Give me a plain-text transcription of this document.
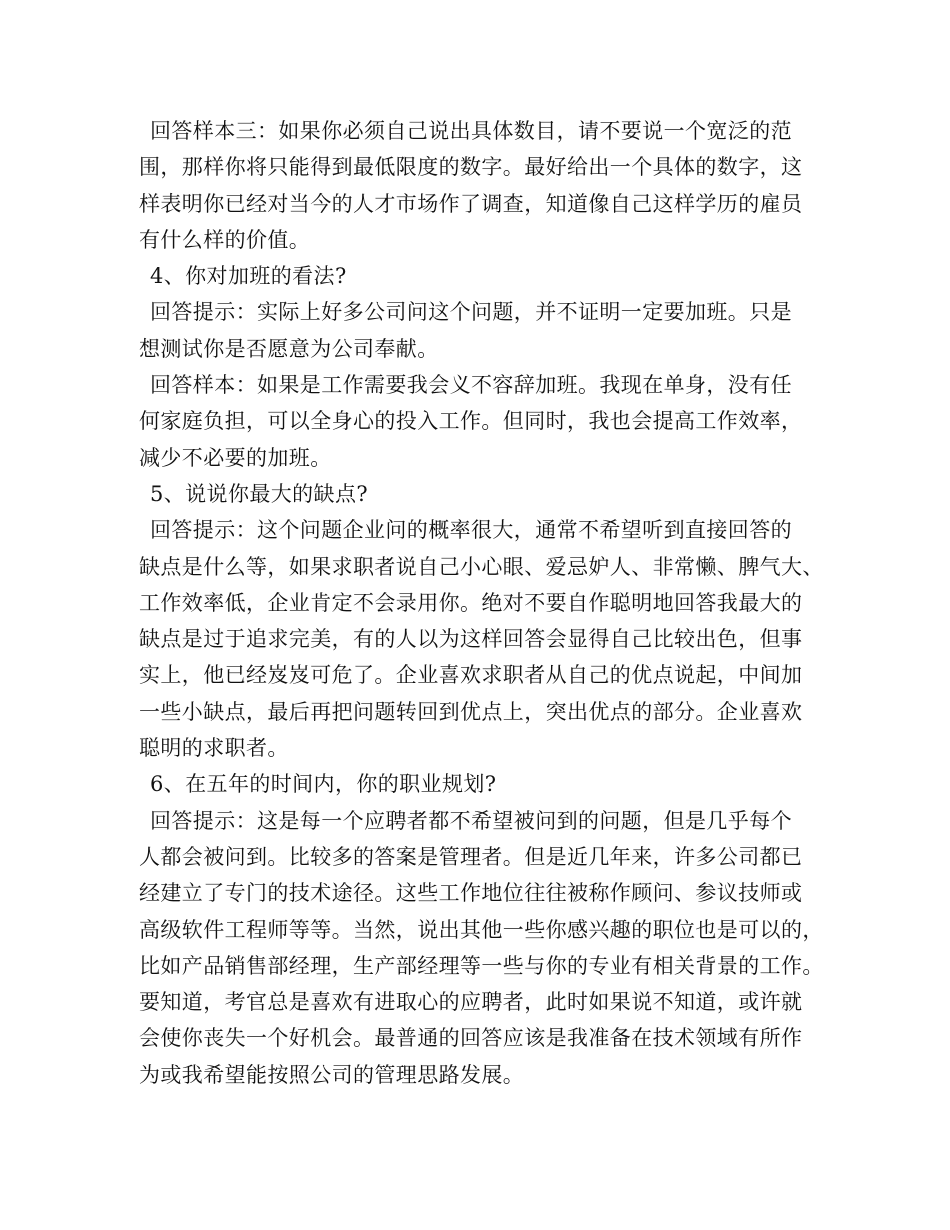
回答样本三：如果你必须自己说出具体数目，请不要说一个宽泛的范
围，那样你将只能得到最低限度的数字。最好给出一个具体的数字，这
样表明你已经对当今的人才市场作了调查，知道像自己这样学历的雇员
有什么样的价值。
4、你对加班的看法?
回答提示：实际上好多公司问这个问题，并不证明一定要加班。只是
想测试你是否愿意为公司奉献。
回答样本：如果是工作需要我会义不容辞加班。我现在单身，没有任
何家庭负担，可以全身心的投入工作。但同时，我也会提高工作效率，
减少不必要的加班。
5、说说你最大的缺点?
回答提示：这个问题企业问的概率很大，通常不希望听到直接回答的
缺点是什么等，如果求职者说自己小心眼、爱忌妒人、非常懒、脾气大、
工作效率低，企业肯定不会录用你。绝对不要自作聪明地回答我最大的
缺点是过于追求完美，有的人以为这样回答会显得自己比较出色，但事
实上，他已经岌岌可危了。企业喜欢求职者从自己的优点说起，中间加
一些小缺点，最后再把问题转回到优点上，突出优点的部分。企业喜欢
聪明的求职者。
6、在五年的时间内，你的职业规划?
回答提示：这是每一个应聘者都不希望被问到的问题，但是几乎每个
人都会被问到。比较多的答案是管理者。但是近几年来，许多公司都已
经建立了专门的技术途径。这些工作地位往往被称作顾问、参议技师或
高级软件工程师等等。当然，说出其他一些你感兴趣的职位也是可以的，
比如产品销售部经理，生产部经理等一些与你的专业有相关背景的工作。
要知道，考官总是喜欢有进取心的应聘者，此时如果说不知道，或许就
会使你丧失一个好机会。最普通的回答应该是我准备在技术领域有所作
为或我希望能按照公司的管理思路发展。
